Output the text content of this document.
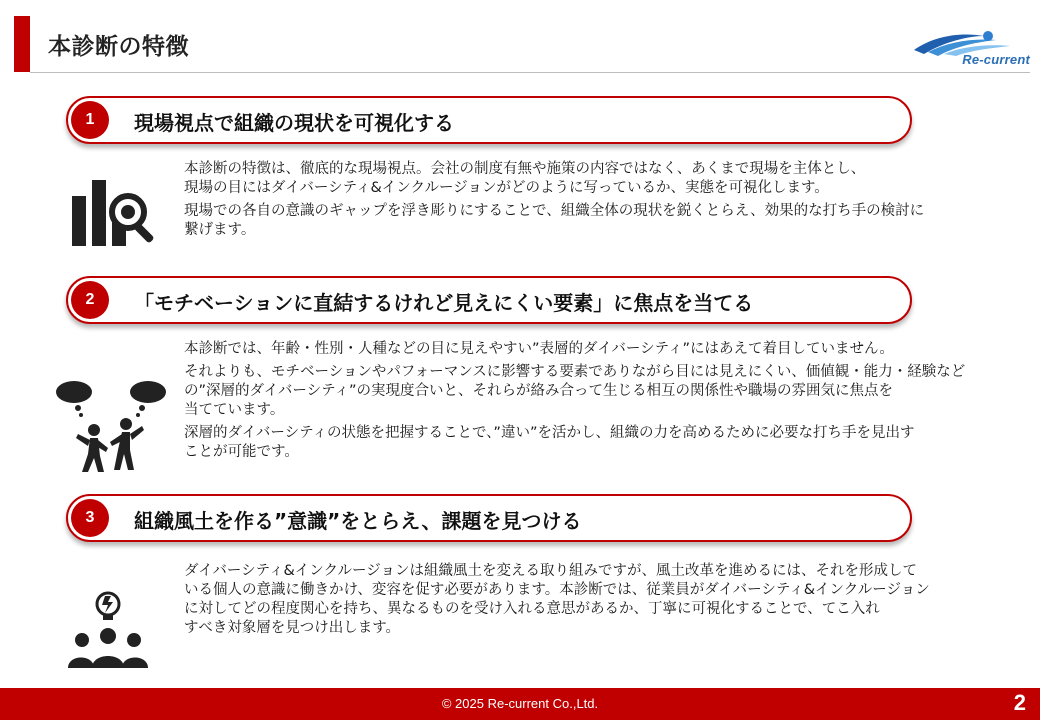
本診断の特徴	Re-current
1	現場視点で組織の現状を可視化する

本診断の特徴は、徹底的な現場視点。会社の制度有無や施策の内容ではなく、あくまで現場を主体とし、
現場の目にはダイバーシティ&インクルージョンがどのように写っているか、実態を可視化します。

現場での各自の意識のギャップを浮き彫りにすることで、組織全体の現状を鋭くとらえ、効果的な打ち手の検討に
繋げます。

2	「モチベーションに直結するけれど見えにくい要素」に焦点を当てる

本診断では、年齢・性別・人種などの目に見えやすい”表層的ダイバーシティ”にはあえて着目していません。

それよりも、モチベーションやパフォーマンスに影響する要素でありながら目には見えにくい、価値観・能力・経験など
の”深層的ダイバーシティ”の実現度合いと、それらが絡み合って生じる相互の関係性や職場の雰囲気に焦点を
当てています。

深層的ダイバーシティの状態を把握することで、”違い”を活かし、組織の力を高めるために必要な打ち手を見出す
ことが可能です。

3	組織風土を作る”意識”をとらえ、課題を見つける

ダイバーシティ&インクルージョンは組織風土を変える取り組みですが、風土改革を進めるには、それを形成して
いる個人の意識に働きかけ、変容を促す必要があります。本診断では、従業員がダイバーシティ&インクルージョン
に対してどの程度関心を持ち、異なるものを受け入れる意思があるか、丁寧に可視化することで、てこ入れ
すべき対象層を見つけ出します。

© 2025 Re-current Co.,Ltd.	2
